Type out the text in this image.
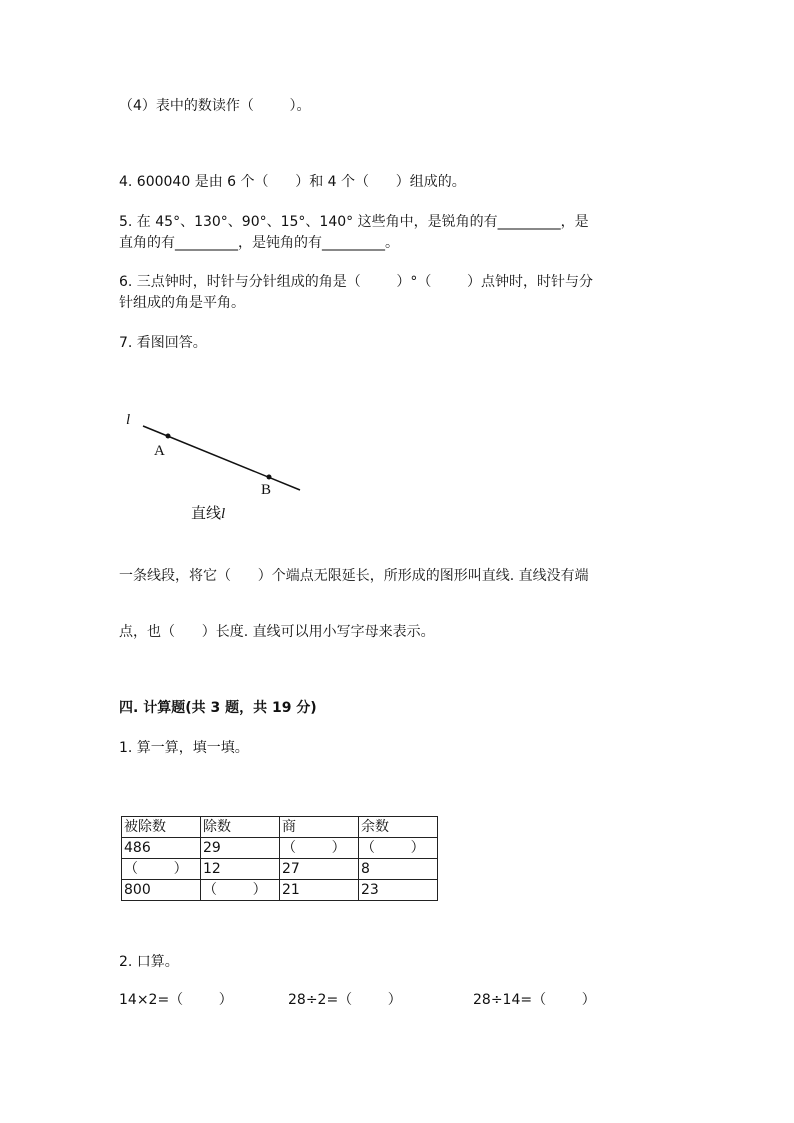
（4）表中的数读作（        ）。
4. 600040 是由 6 个（      ）和 4 个（      ）组成的。
5. 在 45°、130°、90°、15°、140° 这些角中，是锐角的有_________，是
直角的有_________，是钝角的有_________。
6. 三点钟时，时针与分针组成的角是（        ）°（        ）点钟时，时针与分
针组成的角是平角。
7. 看图回答。
l
A
B
直线l
一条线段，将它（      ）个端点无限延长，所形成的图形叫直线. 直线没有端
点，也（      ）长度. 直线可以用小写字母来表示。
四. 计算题(共 3 题，共 19 分)
1. 算一算，填一填。
被除数	除数	商	余数
486	29	（        ）	（        ）
（        ）	12	27	8
800	（        ）	21	23
2. 口算。
14×2=（        ）	28÷2=（        ）	28÷14=（        ）
